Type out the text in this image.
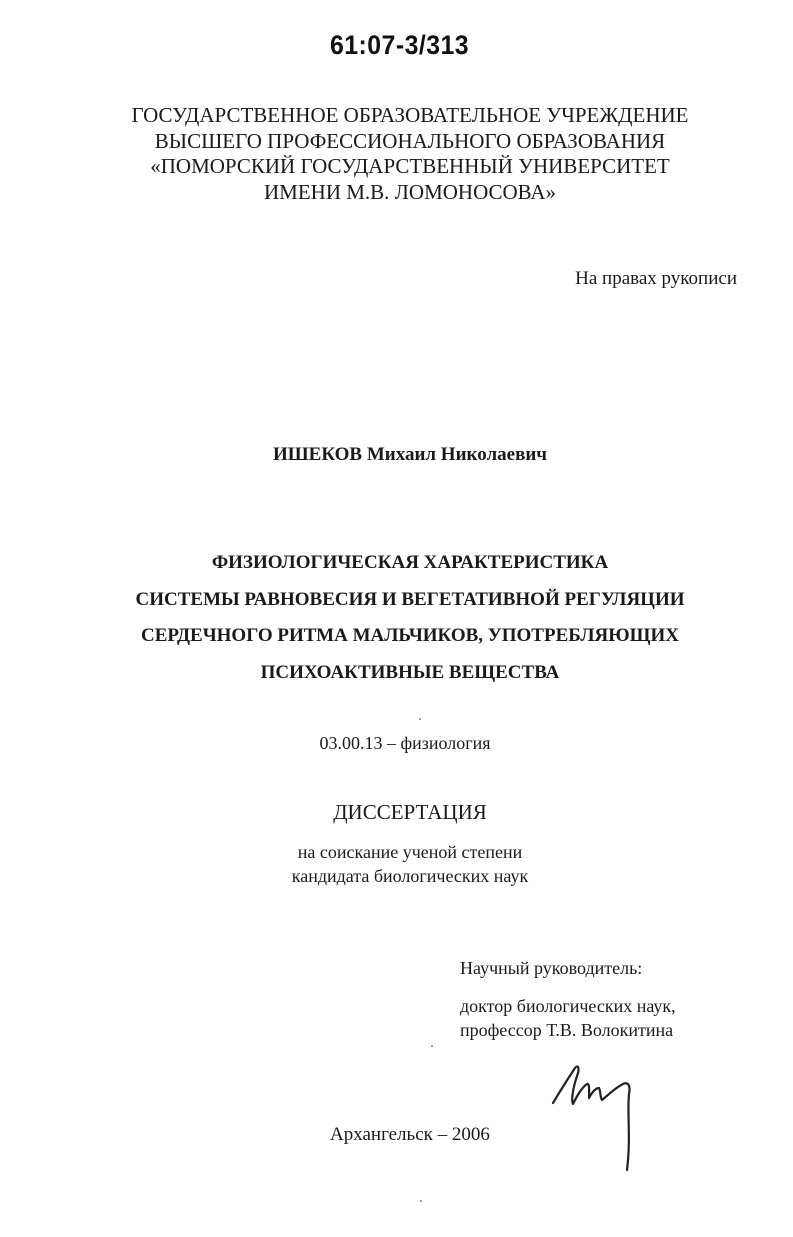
61:07-3/313
ГОСУДАРСТВЕННОЕ ОБРАЗОВАТЕЛЬНОЕ УЧРЕЖДЕНИЕ
ВЫСШЕГО ПРОФЕССИОНАЛЬНОГО ОБРАЗОВАНИЯ
«ПОМОРСКИЙ ГОСУДАРСТВЕННЫЙ УНИВЕРСИТЕТ
ИМЕНИ М.В. ЛОМОНОСОВА»
На правах рукописи
ИШЕКОВ Михаил Николаевич
ФИЗИОЛОГИЧЕСКАЯ ХАРАКТЕРИСТИКА
СИСТЕМЫ РАВНОВЕСИЯ И ВЕГЕТАТИВНОЙ РЕГУЛЯЦИИ
СЕРДЕЧНОГО РИТМА МАЛЬЧИКОВ, УПОТРЕБЛЯЮЩИХ
ПСИХОАКТИВНЫЕ ВЕЩЕСТВА
03.00.13 – физиология
ДИССЕРТАЦИЯ
на соискание ученой степени
кандидата биологических наук
Научный руководитель:
доктор биологических наук,
профессор Т.В. Волокитина
Архангельск – 2006
